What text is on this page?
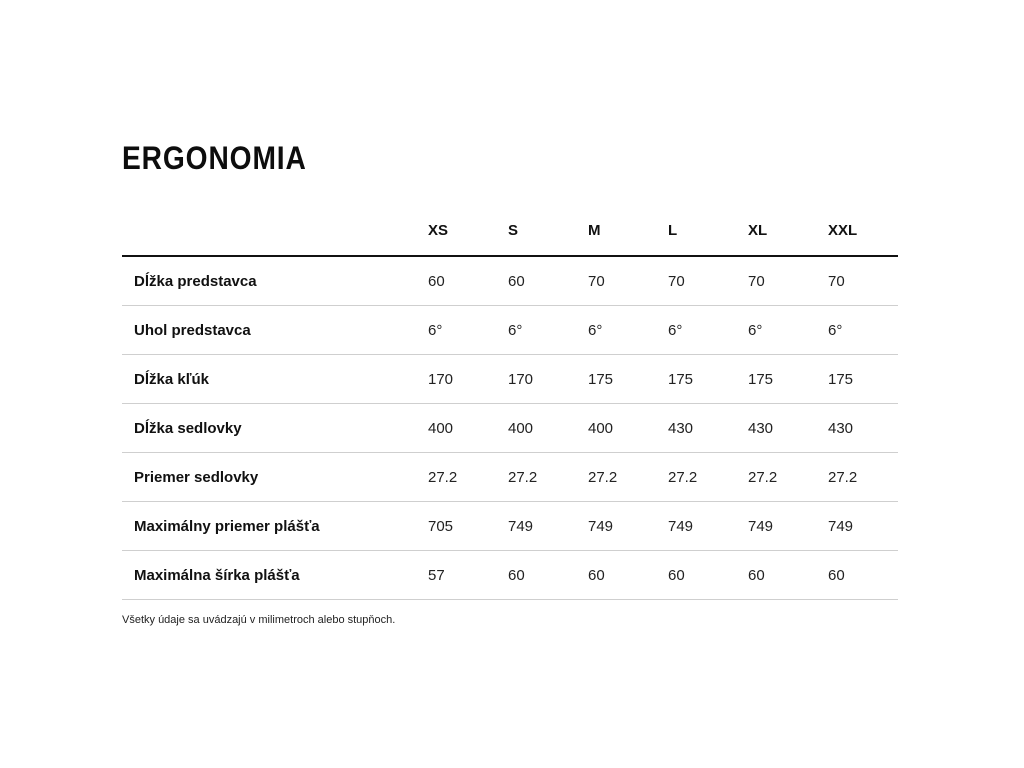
ERGONOMIA
	XS	S	M	L	XL	XXL
Dĺžka predstavca	60	60	70	70	70	70
Uhol predstavca	6°	6°	6°	6°	6°	6°
Dĺžka kľúk	170	170	175	175	175	175
Dĺžka sedlovky	400	400	400	430	430	430
Priemer sedlovky	27.2	27.2	27.2	27.2	27.2	27.2
Maximálny priemer plášťa	705	749	749	749	749	749
Maximálna šírka plášťa	57	60	60	60	60	60

Všetky údaje sa uvádzajú v milimetroch alebo stupňoch.
